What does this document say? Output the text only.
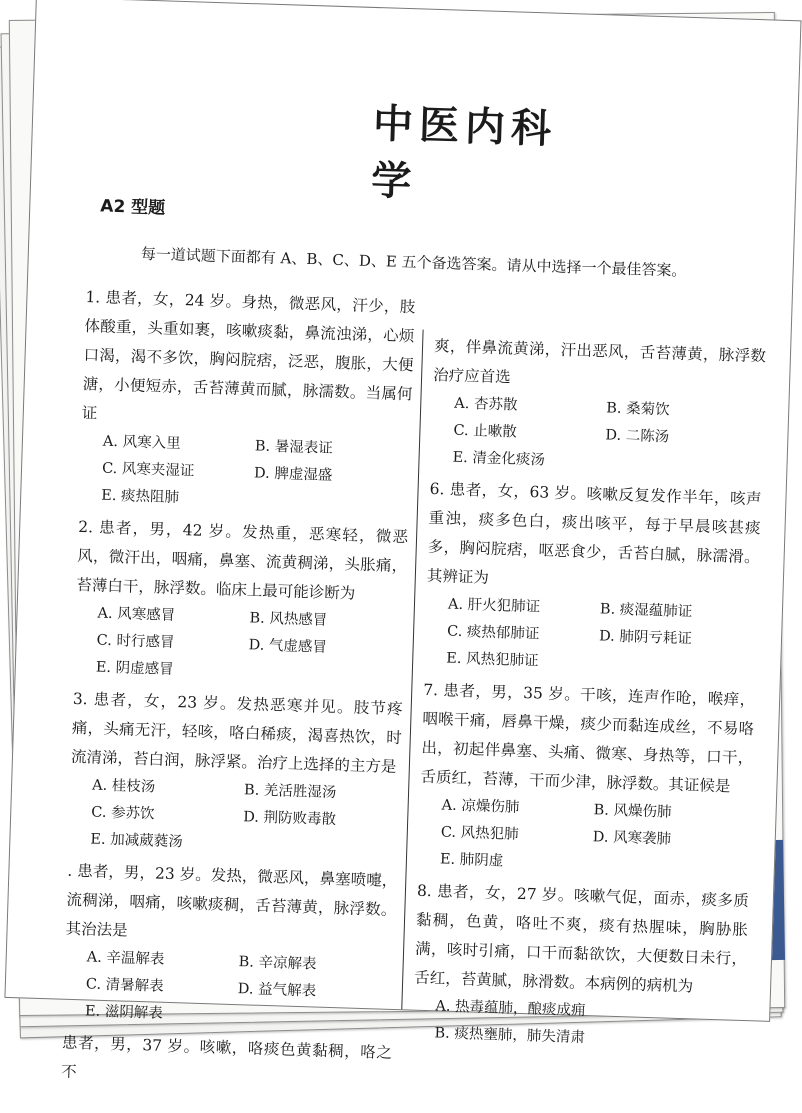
中医内科学
A2 型题
每一道试题下面都有 A、B、C、D、E 五个备选答案。请从中选择一个最佳答案。
1. 患者，女，24 岁。身热，微恶风，汗少，肢体酸重，头重如裹，咳嗽痰黏，鼻流浊涕，心烦口渴，渴不多饮，胸闷脘痞，泛恶，腹胀，大便溏，小便短赤，舌苔薄黄而腻，脉濡数。当属何证
A. 风寒入里	B. 暑湿表证
C. 风寒夹湿证	D. 脾虚湿盛
E. 痰热阻肺
2. 患者，男，42 岁。发热重，恶寒轻，微恶风，微汗出，咽痛，鼻塞、流黄稠涕，头胀痛，苔薄白干，脉浮数。临床上最可能诊断为
A. 风寒感冒	B. 风热感冒
C. 时行感冒	D. 气虚感冒
E. 阴虚感冒
3. 患者，女，23 岁。发热恶寒并见。肢节疼痛，头痛无汗，轻咳，咯白稀痰，渴喜热饮，时流清涕，苔白润，脉浮紧。治疗上选择的主方是
A. 桂枝汤	B. 羌活胜湿汤
C. 参苏饮	D. 荆防败毒散
E. 加减葳蕤汤
. 患者，男，23 岁。发热，微恶风，鼻塞喷嚏，流稠涕，咽痛，咳嗽痰稠，舌苔薄黄，脉浮数。其治法是
A. 辛温解表	B. 辛凉解表
C. 清暑解表	D. 益气解表
E. 滋阴解表
患者，男，37 岁。咳嗽，咯痰色黄黏稠，咯之不
爽，伴鼻流黄涕，汗出恶风，舌苔薄黄，脉浮数治疗应首选
A. 杏苏散	B. 桑菊饮
C. 止嗽散	D. 二陈汤
E. 清金化痰汤
6. 患者，女，63 岁。咳嗽反复发作半年，咳声重浊，痰多色白，痰出咳平，每于早晨咳甚痰多，胸闷脘痞，呕恶食少，舌苔白腻，脉濡滑。其辨证为
A. 肝火犯肺证	B. 痰湿蕴肺证
C. 痰热郁肺证	D. 肺阴亏耗证
E. 风热犯肺证
7. 患者，男，35 岁。干咳，连声作呛，喉痒，咽喉干痛，唇鼻干燥，痰少而黏连成丝，不易咯出，初起伴鼻塞、头痛、微寒、身热等，口干，舌质红，苔薄，干而少津，脉浮数。其证候是
A. 凉燥伤肺	B. 风燥伤肺
C. 风热犯肺	D. 风寒袭肺
E. 肺阴虚
8. 患者，女，27 岁。咳嗽气促，面赤，痰多质黏稠，色黄，咯吐不爽，痰有热腥味，胸胁胀满，咳时引痛，口干而黏欲饮，大便数日未行，舌红，苔黄腻，脉滑数。本病例的病机为
A. 热毒蕴肺，酿痰成痈
B. 痰热壅肺，肺失清肃
